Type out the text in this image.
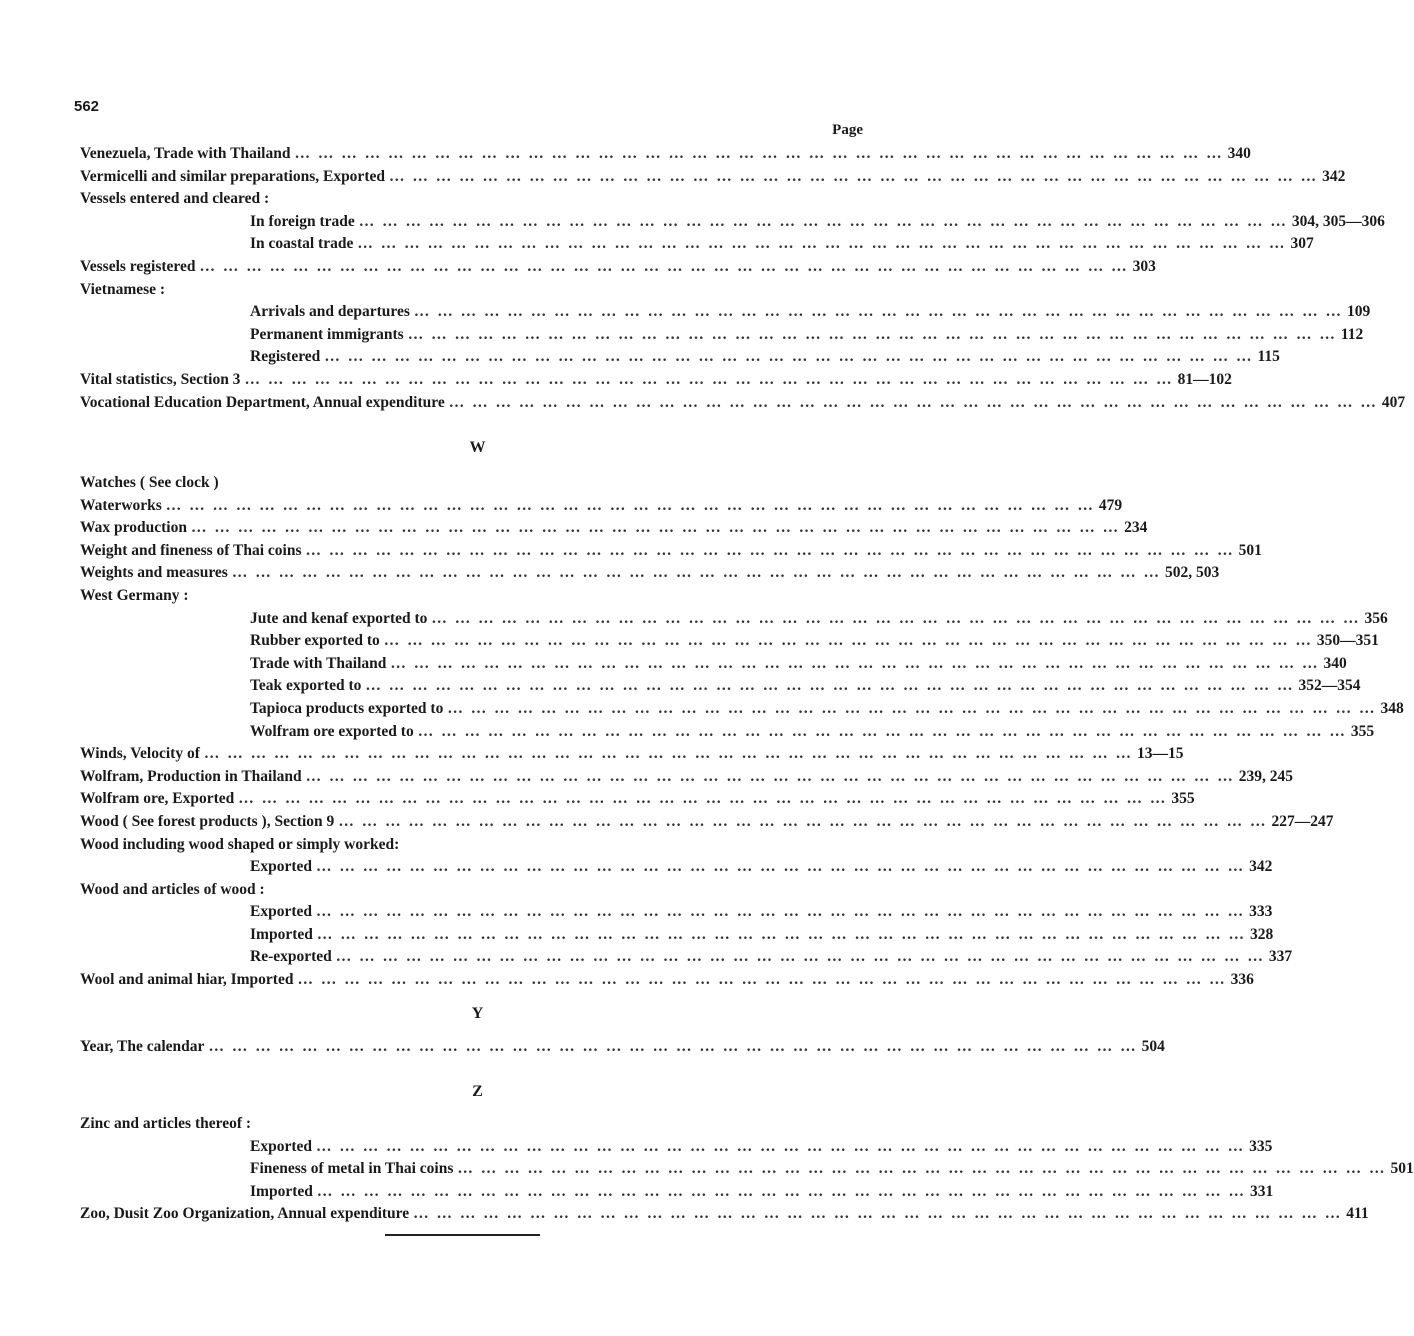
562
Page
Venezuela, Trade with Thailand … … … … … … … … … … … … … … … … … … … … … … … … … … … … … … … … … … … … … … … … 340
Vermicelli and similar preparations, Exported … … … … … … … … … … … … … … … … … … … … … … … … … … … … … … … … … … … … … … … … 342
Vessels entered and cleared :
In foreign trade … … … … … … … … … … … … … … … … … … … … … … … … … … … … … … … … … … … … … … … … 304, 305—306
In coastal trade … … … … … … … … … … … … … … … … … … … … … … … … … … … … … … … … … … … … … … … … 307
Vessels registered … … … … … … … … … … … … … … … … … … … … … … … … … … … … … … … … … … … … … … … … 303
Vietnamese :
Arrivals and departures … … … … … … … … … … … … … … … … … … … … … … … … … … … … … … … … … … … … … … … … 109
Permanent immigrants … … … … … … … … … … … … … … … … … … … … … … … … … … … … … … … … … … … … … … … … 112
Registered … … … … … … … … … … … … … … … … … … … … … … … … … … … … … … … … … … … … … … … … 115
Vital statistics, Section 3 … … … … … … … … … … … … … … … … … … … … … … … … … … … … … … … … … … … … … … … … 81—102
Vocational Education Department, Annual expenditure … … … … … … … … … … … … … … … … … … … … … … … … … … … … … … … … … … … … … … … … 407
W
Watches ( See clock )
Waterworks … … … … … … … … … … … … … … … … … … … … … … … … … … … … … … … … … … … … … … … … 479
Wax production … … … … … … … … … … … … … … … … … … … … … … … … … … … … … … … … … … … … … … … … 234
Weight and fineness of Thai coins … … … … … … … … … … … … … … … … … … … … … … … … … … … … … … … … … … … … … … … … 501
Weights and measures … … … … … … … … … … … … … … … … … … … … … … … … … … … … … … … … … … … … … … … … 502, 503
West Germany :
Jute and kenaf exported to … … … … … … … … … … … … … … … … … … … … … … … … … … … … … … … … … … … … … … … … 356
Rubber exported to … … … … … … … … … … … … … … … … … … … … … … … … … … … … … … … … … … … … … … … … 350—351
Trade with Thailand … … … … … … … … … … … … … … … … … … … … … … … … … … … … … … … … … … … … … … … … 340
Teak exported to … … … … … … … … … … … … … … … … … … … … … … … … … … … … … … … … … … … … … … … … 352—354
Tapioca products exported to … … … … … … … … … … … … … … … … … … … … … … … … … … … … … … … … … … … … … … … … 348
Wolfram ore exported to … … … … … … … … … … … … … … … … … … … … … … … … … … … … … … … … … … … … … … … … 355
Winds, Velocity of … … … … … … … … … … … … … … … … … … … … … … … … … … … … … … … … … … … … … … … … 13—15
Wolfram, Production in Thailand … … … … … … … … … … … … … … … … … … … … … … … … … … … … … … … … … … … … … … … … 239, 245
Wolfram ore, Exported … … … … … … … … … … … … … … … … … … … … … … … … … … … … … … … … … … … … … … … … 355
Wood ( See forest products ), Section 9 … … … … … … … … … … … … … … … … … … … … … … … … … … … … … … … … … … … … … … … … 227—247
Wood including wood shaped or simply worked:
Exported … … … … … … … … … … … … … … … … … … … … … … … … … … … … … … … … … … … … … … … … 342
Wood and articles of wood :
Exported … … … … … … … … … … … … … … … … … … … … … … … … … … … … … … … … … … … … … … … … 333
Imported … … … … … … … … … … … … … … … … … … … … … … … … … … … … … … … … … … … … … … … … 328
Re-exported … … … … … … … … … … … … … … … … … … … … … … … … … … … … … … … … … … … … … … … … 337
Wool and animal hiar, Imported … … … … … … … … … … … … … … … … … … … … … … … … … … … … … … … … … … … … … … … … 336
Y
Year, The calendar … … … … … … … … … … … … … … … … … … … … … … … … … … … … … … … … … … … … … … … … 504
Z
Zinc and articles thereof :
Exported … … … … … … … … … … … … … … … … … … … … … … … … … … … … … … … … … … … … … … … … 335
Fineness of metal in Thai coins … … … … … … … … … … … … … … … … … … … … … … … … … … … … … … … … … … … … … … … … 501
Imported … … … … … … … … … … … … … … … … … … … … … … … … … … … … … … … … … … … … … … … … 331
Zoo, Dusit Zoo Organization, Annual expenditure … … … … … … … … … … … … … … … … … … … … … … … … … … … … … … … … … … … … … … … … 411
